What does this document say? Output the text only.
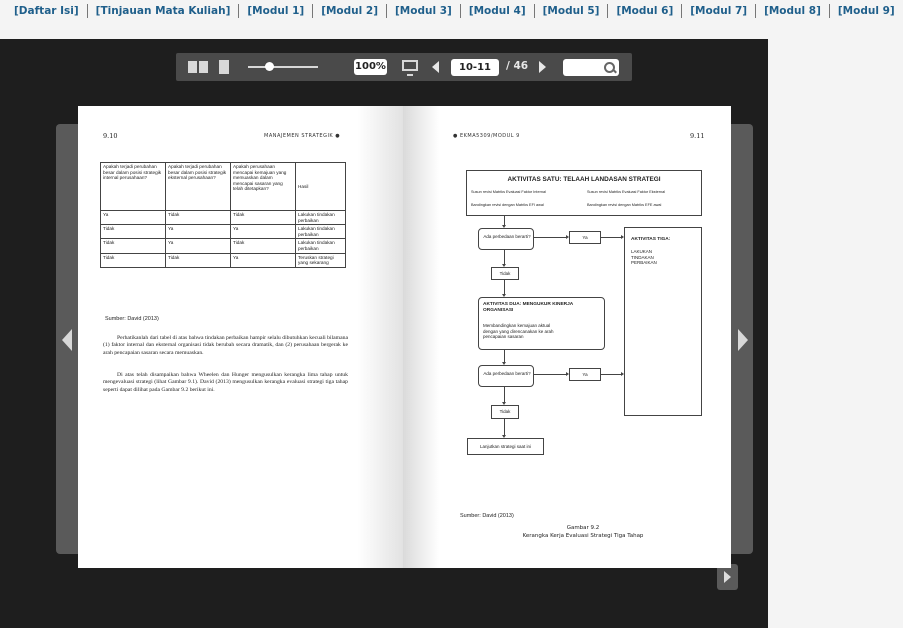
[Daftar Isi]	[Tinjauan Mata Kuliah]	[Modul 1]	[Modul 2]	[Modul 3]	[Modul 4]	[Modul 5]	[Modul 6]	[Modul 7]	[Modul 8]	[Modul 9]
100%
10-11	/ 46
9.10	MANAJEMEN STRATEGIK ●
Apakah terjadi perubahan besar dalam posisi strategik internal perusahaan?	Apakah terjadi perubahan besar dalam posisi strategik eksternal perusahaan?	Apakah perusahaan mencapai kemajuan yang memuaskan dalam mencapai sasaran yang telah ditetapkan?	Hasil
Ya	Tidak	Tidak	Lakukan tindakan perbaikan
Tidak	Ya	Ya	Lakukan tindakan perbaikan
Tidak	Ya	Tidak	Lakukan tindakan perbaikan
Tidak	Tidak	Ya	Teruskan strategi yang sekarang
Sumber: David (2013)
Perhatikanlah dari tabel di atas bahwa tindakan perbaikan hampir selalu dibutuhkan kecuali bilamana (1) faktor internal dan eksternal organisasi tidak berubah secara dramatik, dan (2) perusahaan bergerak ke arah pencapaian sasaran secara memuaskan.
Di atas telah disampaikan bahwa Wheelen dan Hunger mengusulkan kerangka lima tahap untuk mengevaluasi strategi (lihat Gambar 9.1). David (2013) mengusulkan kerangka evaluasi strategi tiga tahap seperti dapat dilihat pada Gambar 9.2 berikut ini.
● EKMA5309/MODUL 9	9.11
AKTIVITAS SATU: TELAAH LANDASAN STRATEGI
Susun revisi Matriks Evaluasi Faktor Internal	Susun revisi Matriks Evaluasi Faktor Eksternal
Bandingkan revisi dengan Matriks EFI awal	Bandingkan revisi dengan Matriks EFE awal
Ada perbedaan berarti?	Ya	AKTIVITAS TIGA:
LAKUKAN TINDAKAN PERBAIKAN
Tidak
AKTIVITAS DUA: MENGUKUR KINERJA ORGANISASI
Membandingkan kemajuan aktual dengan yang direncanakan ke arah pencapaian sasaran
Ada perbedaan berarti?	Ya
Tidak
Lanjutkan strategi saat ini
Sumber: David (2013)
Gambar 9.2
Kerangka Kerja Evaluasi Strategi Tiga Tahap
